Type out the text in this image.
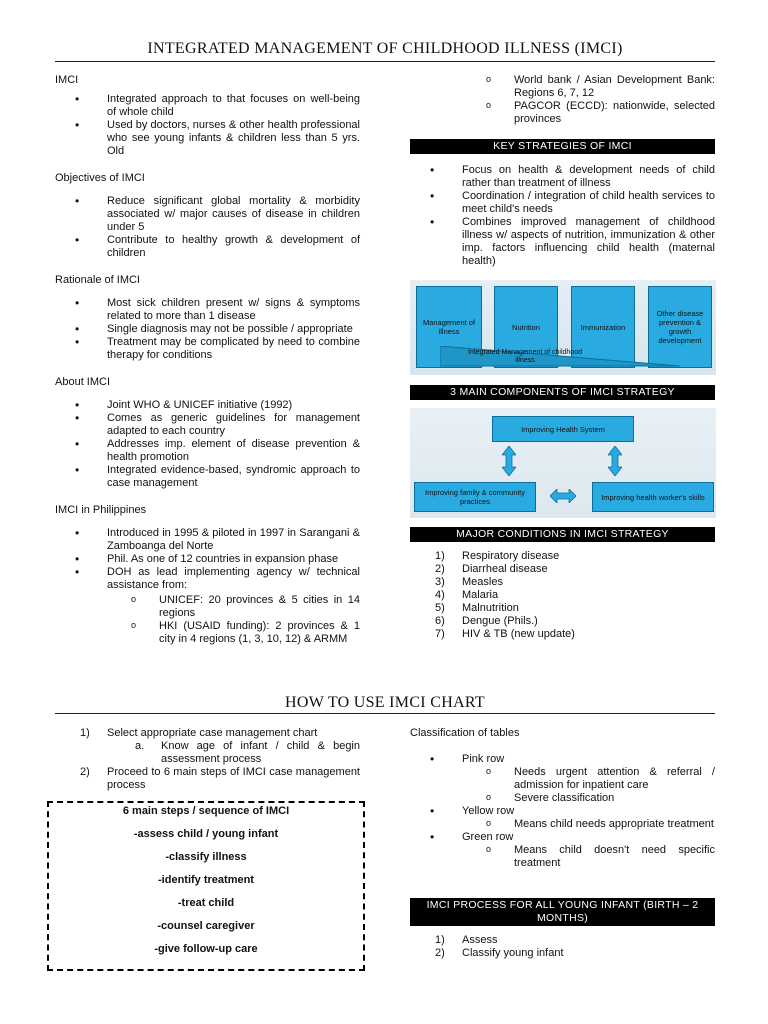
INTEGRATED MANAGEMENT OF CHILDHOOD ILLNESS (IMCI)

IMCI

• Integrated approach to that focuses on well-being of whole child
• Used by doctors, nurses & other health professional who see young infants & children less than 5 yrs. Old

Objectives of IMCI

• Reduce significant global mortality & morbidity associated w/ major causes of disease in children under 5
• Contribute to healthy growth & development of children

Rationale of IMCI

• Most sick children present w/ signs & symptoms related to more than 1 disease
• Single diagnosis may not be possible / appropriate
• Treatment may be complicated by need to combine therapy for conditions

About IMCI

• Joint WHO & UNICEF initiative (1992)
• Comes as generic guidelines for management adapted to each country
• Addresses imp. element of disease prevention & health promotion
• Integrated evidence-based, syndromic approach to case management

IMCI in Philippines

• Introduced in 1995 & piloted in 1997 in Sarangani & Zamboanga del Norte
• Phil. As one of 12 countries in expansion phase
• DOH as lead implementing agency w/ technical assistance from:
o UNICEF: 20 provinces & 5 cities in 14 regions
o HKI (USAID funding): 2 provinces & 1 city in 4 regions (1, 3, 10, 12) & ARMM
o World bank / Asian Development Bank: Regions 6, 7, 12
o PAGCOR (ECCD): nationwide, selected provinces
KEY STRATEGIES OF IMCI
• Focus on health & development needs of child rather than treatment of illness
• Coordination / integration of child health services to meet child's needs
• Combines improved management of childhood illness w/ aspects of nutrition, immunization & other imp. factors influencing child health (maternal health)
Management of illness	Nutrition	Immunization
Other disease prevention & growth development
Integrated Management of childhood illness
3 MAIN COMPONENTS OF IMCI STRATEGY
Improving Health System
Improving family & community practices	Improving health worker's skills
MAJOR CONDITIONS IN IMCI STRATEGY
1) Respiratory disease
2) Diarrheal disease
3) Measles
4) Malaria
5) Malnutrition
6) Dengue (Phils.)
7) HIV & TB (new update)
HOW TO USE IMCI CHART
1) Select appropriate case management chart
a. Know age of infant / child & begin assessment process
2) Proceed to 6 main steps of IMCI case management process
6 main steps / sequence of IMCI
-assess child / young infant
-classify illness
-identify treatment
-treat child
-counsel caregiver
-give follow-up care

Classification of tables

• Pink row
o Needs urgent attention & referral / admission for inpatient care
o Severe classification
• Yellow row
o Means child needs appropriate treatment
• Green row
o Means child doesn't need specific treatment
IMCI PROCESS FOR ALL YOUNG INFANT (BIRTH – 2 MONTHS)
1) Assess
2) Classify young infant
